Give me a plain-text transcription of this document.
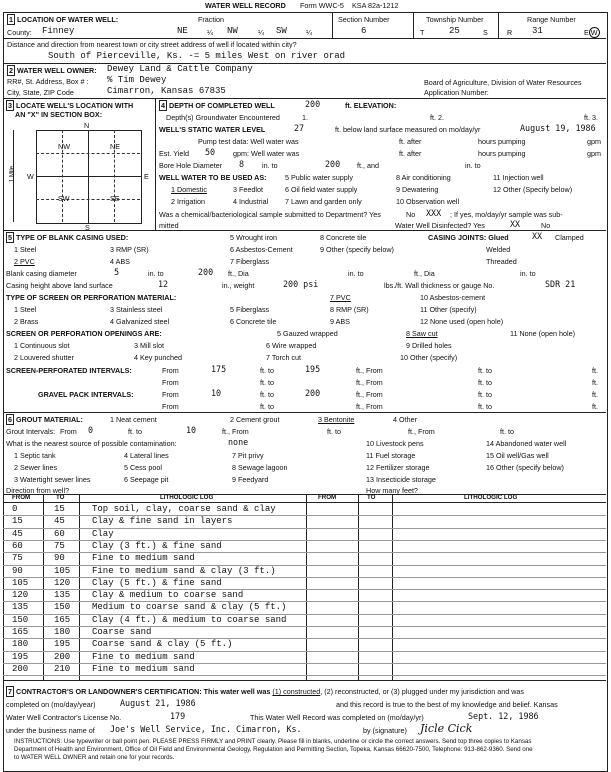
WATER WELL RECORD Form WWC-5 KSA 82a-1212
1 LOCATION OF WATER WELL:
County: Finney
Fraction
NE	¼ NW	¼ SW	¼
Section Number
6
Township Number
T	25	S
Range Number
R 31	E W
Distance and direction from nearest town or city street address of well if located within city?
South of Pierceville, Ks. -= 5 miles West on river orad
2 WATER WELL OWNER: Dewey Land & Cattle Company
RR#, St. Address, Box # : % Tim Dewey	Board of Agriculture, Division of Water Resources
City, State, ZIP Code	Cimarron, Kansas 67835	Application Number:
3 LOCATE WELL'S LOCATION WITH
AN "X" IN SECTION BOX:
N
NW	NE
SW	SE
W	E
S
1 Mile
4 DEPTH OF COMPLETED WELL	200	ft. ELEVATION:
Depth(s) Groundwater Encountered	1.	ft. 2.	ft. 3.
WELL'S STATIC WATER LEVEL	27	ft. below land surface measured on mo/day/yr	August 19, 1986
Pump test data: Well water was	ft. after	hours pumping	gpm
Est. Yield 50 gpm: Well water was	ft. after	hours pumping	gpm
Bore Hole Diameter 8 in. to	200 ft., and	in. to
WELL WATER TO BE USED AS:	5 Public water supply	8 Air conditioning	11 Injection well
1 Domestic	3 Feedlot	6 Oil field water supply	9 Dewatering	12 Other (Specify below)
2 Irrigation	4 Industrial 7 Lawn and garden only	10 Observation well
Was a chemical/bacteriological sample submitted to Department? Yes	No XXX ; If yes, mo/day/yr sample was sub-
mitted	Water Well Disinfected? Yes	XX	No
5 TYPE OF BLANK CASING USED:
1 Steel	3 RMP (SR)
2 PVC	4 ABS
5 Wrought iron
6 Asbestos-Cement
7 Fiberglass
8 Concrete tile
9 Other (specify below)
CASING JOINTS: Glued	XX Clamped
Welded
Threaded
Blank casing diameter	5	in. to	200 ft., Dia	in. to	ft., Dia	in. to
Casing height above land surface	12	in., weight	200 psi	lbs./ft. Wall thickness or gauge No.	SDR 21
TYPE OF SCREEN OR PERFORATION MATERIAL:
1 Steel	3 Stainless steel	5 Fiberglass
7 PVC	10 Asbestos-cement
2 Brass	4 Galvanized steel	6 Concrete tile
8 RMP (SR)
9 ABS
11 Other (specify)
12 None used (open hole)
SCREEN OR PERFORATION OPENINGS ARE:	5 Gauzed wrapped	8 Saw cut	11 None (open hole)
1 Continuous slot	3 Mill slot	6 Wire wrapped	9 Drilled holes
2 Louvered shutter	4 Key punched	7 Torch cut	10 Other (specify)
SCREEN-PERFORATED INTERVALS:	From	175	ft. to	195	ft., From	ft. to	ft.
From	ft. to	ft., From	ft. to	ft.
GRAVEL PACK INTERVALS:	From	10	ft. to	200	ft., From	ft. to	ft.
From	ft. to	ft., From	ft. to	ft.
6 GROUT MATERIAL:	1 Neat cement	2 Cement grout	3 Bentonite	4 Other
Grout Intervals: From 0	ft. to	10	ft., From	ft. to	ft., From	ft. to
What is the nearest source of possible contamination:	none	10 Livestock pens	14 Abandoned water well
1 Septic tank	4 Lateral lines	7 Pit privy	11 Fuel storage	15 Oil well/Gas well
2 Sewer lines	5 Cess pool	8 Sewage lagoon	12 Fertilizer storage	16 Other (specify below)
3 Watertight sewer lines	6 Seepage pit	9 Feedyard	13 Insecticide storage
Direction from well?	How many feet?
FROM	TO	LITHOLOGIC LOG	FROM	TO	LITHOLOGIC LOG
0	15	Top soil, clay, coarse sand & clay
15	45	Clay & fine sand in layers
45	60	Clay
60	75	Clay (3 ft.) & fine sand
75	90	Fine to medium sand
90	105 Fine to medium sand & clay (3 ft.)
105	120 Clay (5 ft.) & fine sand
120	135 Clay & medium to coarse sand
135	150 Medium to coarse sand & clay (5 ft.)
150	165 Clay (4 ft.) & medium to coarse sand
165	180 Coarse sand
180	195 Coarse sand & clay (5 ft.)
195	200 Fine to medium sand
200	210 Fine to medium sand
7 CONTRACTOR'S OR LANDOWNER'S CERTIFICATION: This water well was (1) constructed, (2) reconstructed, or (3) plugged under my jurisdiction and was
completed on (mo/day/year)	August 21, 1986	and this record is true to the best of my knowledge and belief. Kansas
Water Well Contractor's License No.	179	This Water Well Record was completed on (mo/day/yr)	Sept. 12, 1986
under the business name of Joe's Well Service, Inc. Cimarron, Ks.	by (signature) Jicle Cick
INSTRUCTIONS: Use typewriter or ball point pen. PLEASE PRESS FIRMLY and PRINT clearly. Please fill in blanks, underline or circle the correct answers. Send top three copies to Kansas
Department of Health and Environment, Office of Oil Field and Environmental Geology, Regulation and Permitting Section, Topeka, Kansas 66620-7500, Telephone: 913-862-9360. Send one
to WATER WELL OWNER and retain one for your records.
